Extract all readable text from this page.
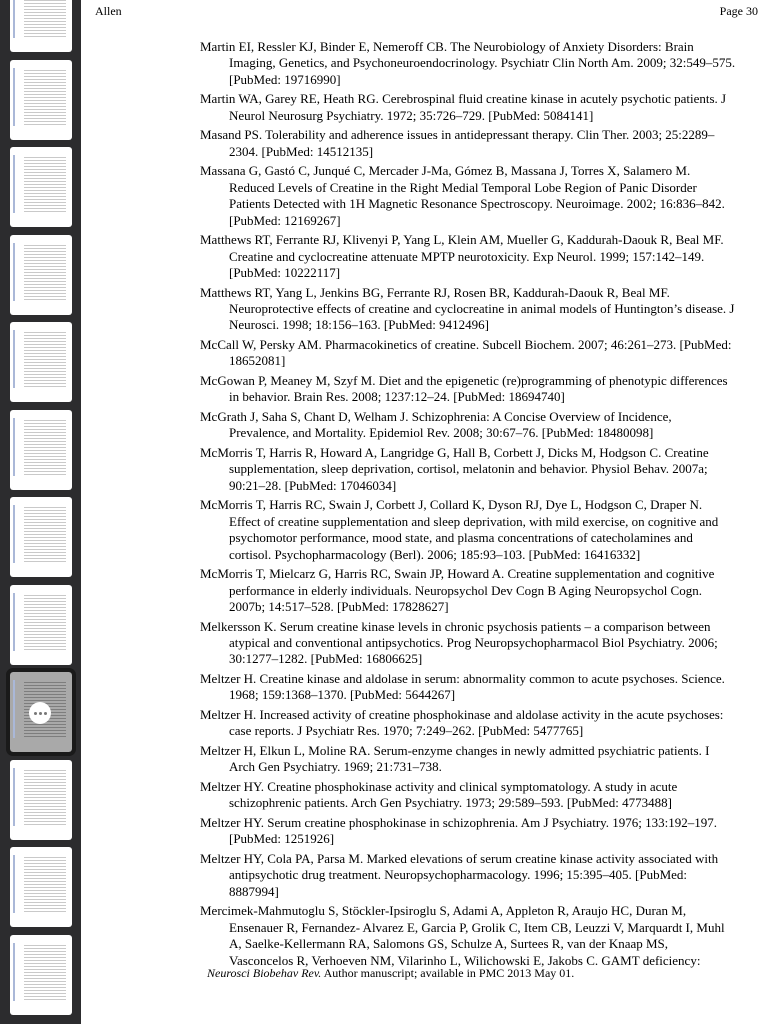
Allen	Page 30
Martin EI, Ressler KJ, Binder E, Nemeroff CB. The Neurobiology of Anxiety Disorders: Brain
Imaging, Genetics, and Psychoneuroendocrinology. Psychiatr Clin North Am. 2009; 32:549–575.
[PubMed: 19716990]
Martin WA, Garey RE, Heath RG. Cerebrospinal fluid creatine kinase in acutely psychotic patients. J
Neurol Neurosurg Psychiatry. 1972; 35:726–729. [PubMed: 5084141]
Masand PS. Tolerability and adherence issues in antidepressant therapy. Clin Ther. 2003; 25:2289–
2304. [PubMed: 14512135]
Massana G, Gastó C, Junqué C, Mercader J-Ma, Gómez B, Massana J, Torres X, Salamero M.
Reduced Levels of Creatine in the Right Medial Temporal Lobe Region of Panic Disorder
Patients Detected with 1H Magnetic Resonance Spectroscopy. Neuroimage. 2002; 16:836–842.
[PubMed: 12169267]
Matthews RT, Ferrante RJ, Klivenyi P, Yang L, Klein AM, Mueller G, Kaddurah-Daouk R, Beal MF.
Creatine and cyclocreatine attenuate MPTP neurotoxicity. Exp Neurol. 1999; 157:142–149.
[PubMed: 10222117]
Matthews RT, Yang L, Jenkins BG, Ferrante RJ, Rosen BR, Kaddurah-Daouk R, Beal MF.
Neuroprotective effects of creatine and cyclocreatine in animal models of Huntington’s disease. J
Neurosci. 1998; 18:156–163. [PubMed: 9412496]
McCall W, Persky AM. Pharmacokinetics of creatine. Subcell Biochem. 2007; 46:261–273. [PubMed:
18652081]
McGowan P, Meaney M, Szyf M. Diet and the epigenetic (re)programming of phenotypic differences
in behavior. Brain Res. 2008; 1237:12–24. [PubMed: 18694740]
McGrath J, Saha S, Chant D, Welham J. Schizophrenia: A Concise Overview of Incidence,
Prevalence, and Mortality. Epidemiol Rev. 2008; 30:67–76. [PubMed: 18480098]
McMorris T, Harris R, Howard A, Langridge G, Hall B, Corbett J, Dicks M, Hodgson C. Creatine
supplementation, sleep deprivation, cortisol, melatonin and behavior. Physiol Behav. 2007a;
90:21–28. [PubMed: 17046034]
McMorris T, Harris RC, Swain J, Corbett J, Collard K, Dyson RJ, Dye L, Hodgson C, Draper N.
Effect of creatine supplementation and sleep deprivation, with mild exercise, on cognitive and
psychomotor performance, mood state, and plasma concentrations of catecholamines and
cortisol. Psychopharmacology (Berl). 2006; 185:93–103. [PubMed: 16416332]
McMorris T, Mielcarz G, Harris RC, Swain JP, Howard A. Creatine supplementation and cognitive
performance in elderly individuals. Neuropsychol Dev Cogn B Aging Neuropsychol Cogn.
2007b; 14:517–528. [PubMed: 17828627]
Melkersson K. Serum creatine kinase levels in chronic psychosis patients – a comparison between
atypical and conventional antipsychotics. Prog Neuropsychopharmacol Biol Psychiatry. 2006;
30:1277–1282. [PubMed: 16806625]
Meltzer H. Creatine kinase and aldolase in serum: abnormality common to acute psychoses. Science.
1968; 159:1368–1370. [PubMed: 5644267]
Meltzer H. Increased activity of creatine phosphokinase and aldolase activity in the acute psychoses:
case reports. J Psychiatr Res. 1970; 7:249–262. [PubMed: 5477765]
Meltzer H, Elkun L, Moline RA. Serum-enzyme changes in newly admitted psychiatric patients. I
Arch Gen Psychiatry. 1969; 21:731–738.
Meltzer HY. Creatine phosphokinase activity and clinical symptomatology. A study in acute
schizophrenic patients. Arch Gen Psychiatry. 1973; 29:589–593. [PubMed: 4773488]
Meltzer HY. Serum creatine phosphokinase in schizophrenia. Am J Psychiatry. 1976; 133:192–197.
[PubMed: 1251926]
Meltzer HY, Cola PA, Parsa M. Marked elevations of serum creatine kinase activity associated with
antipsychotic drug treatment. Neuropsychopharmacology. 1996; 15:395–405. [PubMed:
8887994]
Mercimek-Mahmutoglu S, Stöckler-Ipsiroglu S, Adami A, Appleton R, Araujo HC, Duran M,
Ensenauer R, Fernandez- Alvarez E, Garcia P, Grolik C, Item CB, Leuzzi V, Marquardt I, Muhl
A, Saelke-Kellermann RA, Salomons GS, Schulze A, Surtees R, van der Knaap MS,
Vasconcelos R, Verhoeven NM, Vilarinho L, Wilichowski E, Jakobs C. GAMT deficiency:
Neurosci Biobehav Rev. Author manuscript; available in PMC 2013 May 01.
